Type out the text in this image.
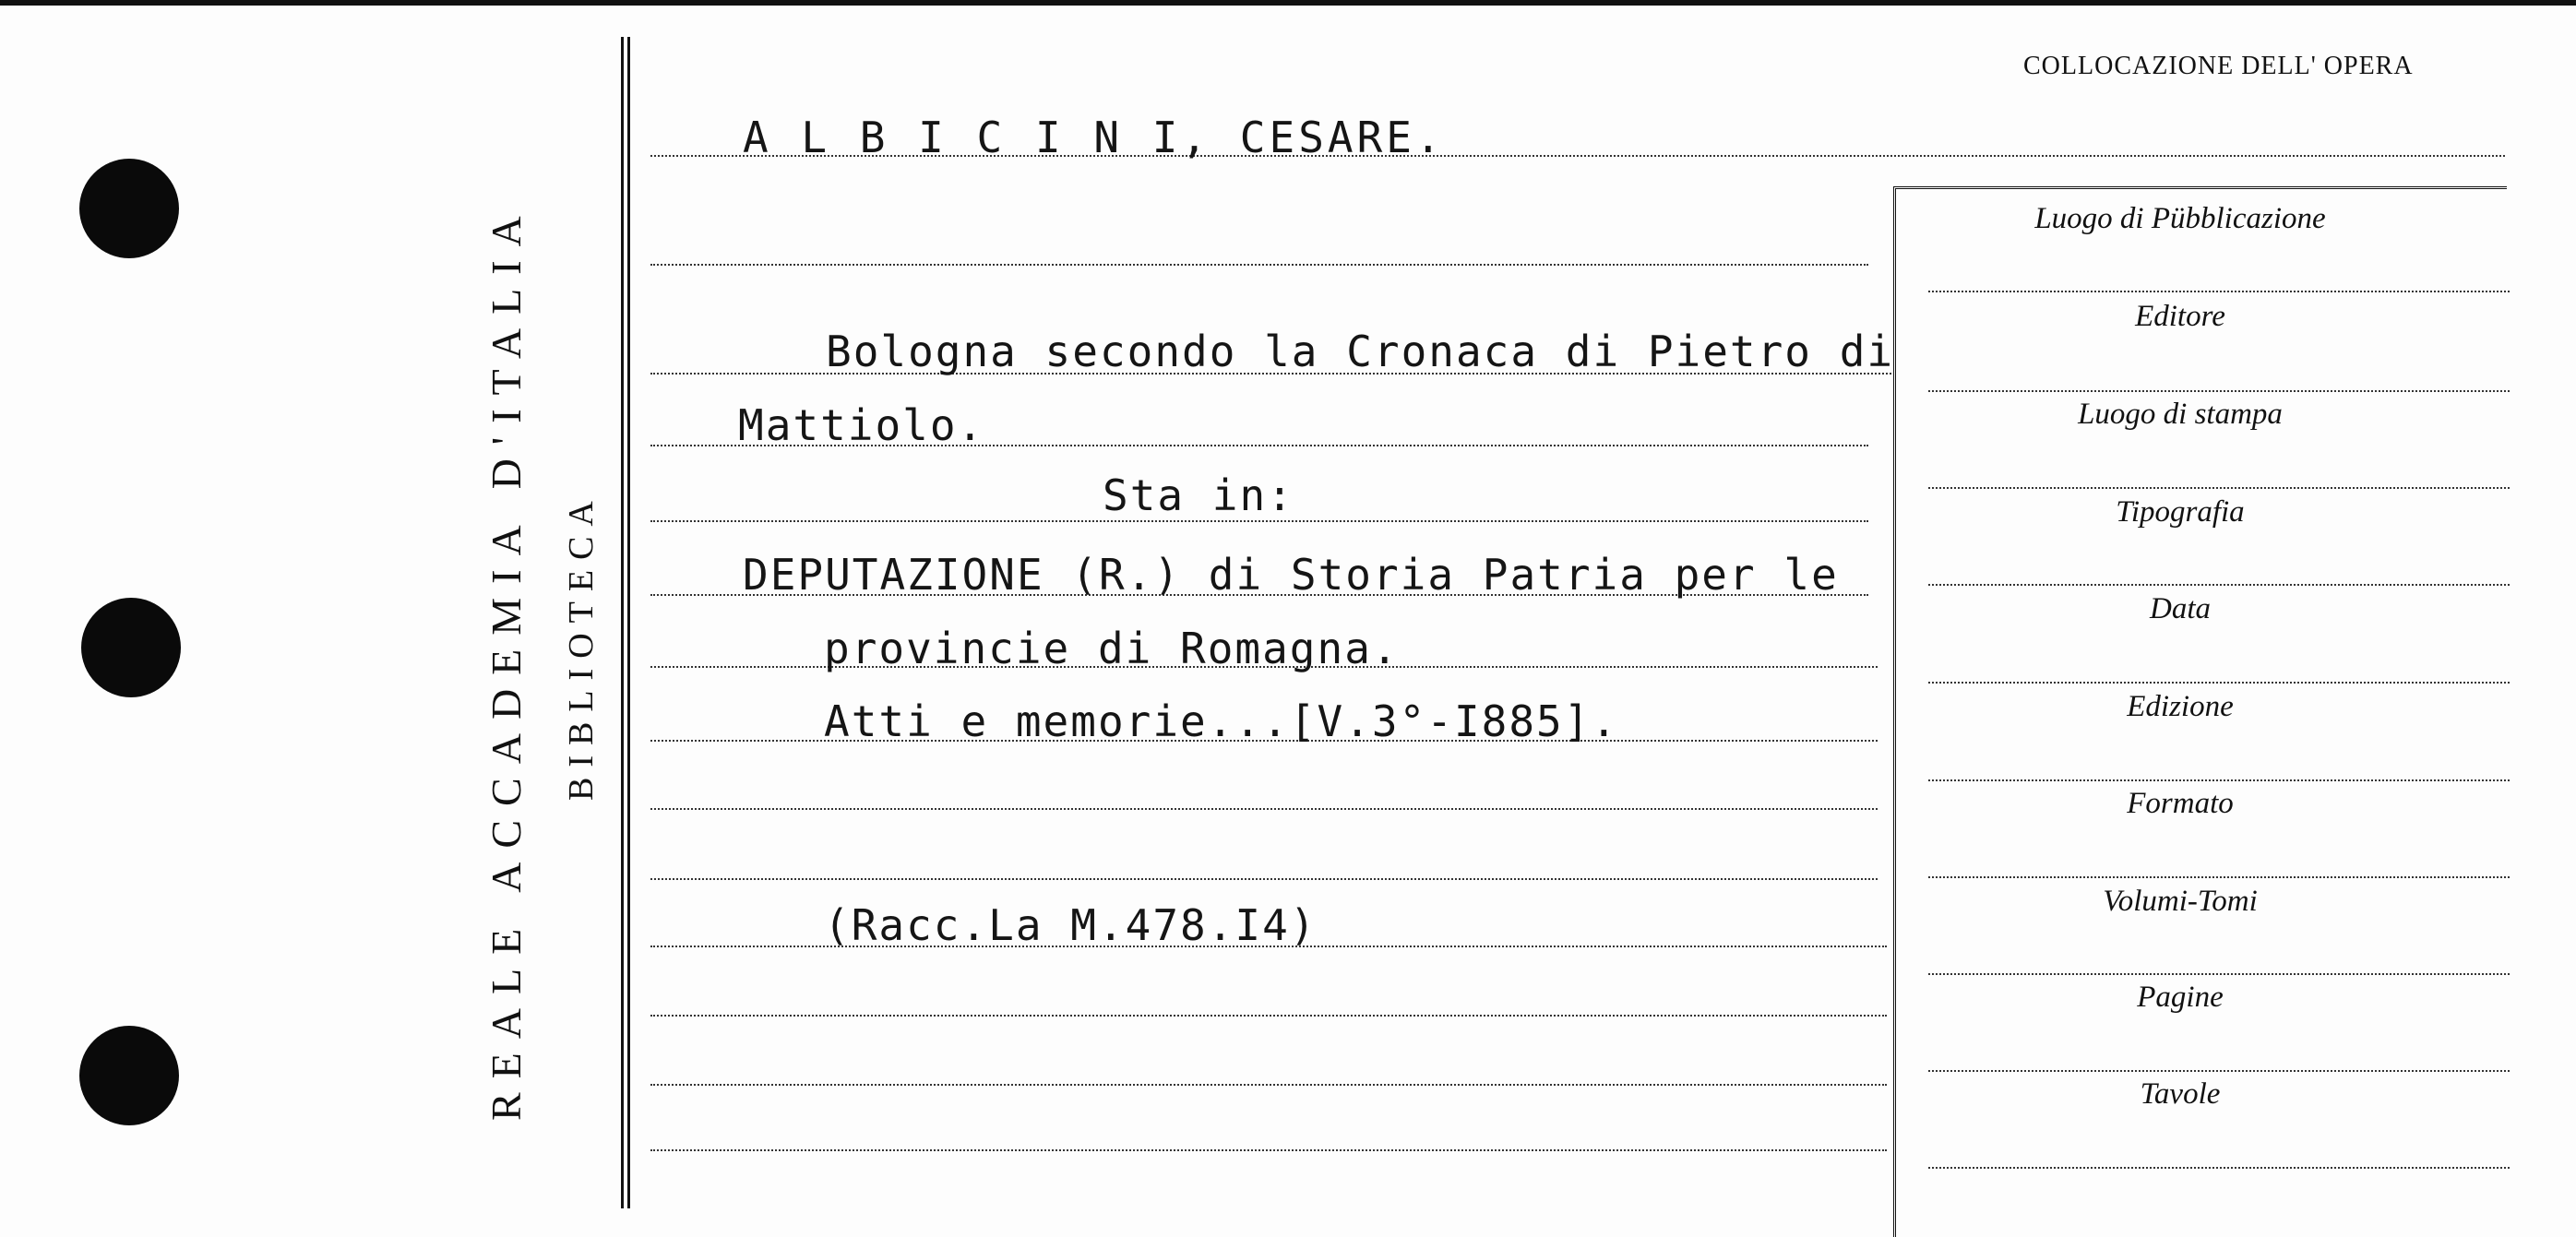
REALE ACCADEMIA D'ITALIA BIBLIOTECA
COLLOCAZIONE DELL' OPERA
A L B I C I N I, CESARE.
Bologna secondo la Cronaca di Pietro di
Mattiolo.
Sta in:
DEPUTAZIONE (R.) di Storia Patria per le
provincie di Romagna.
Atti e memorie...[V.3°-I885].
(Racc.La M.478.I4)
Luogo di Pübblicazione
Editore
Luogo di stampa
Tipografia
Data
Edizione
Formato
Volumi-Tomi
Pagine
Tavole
